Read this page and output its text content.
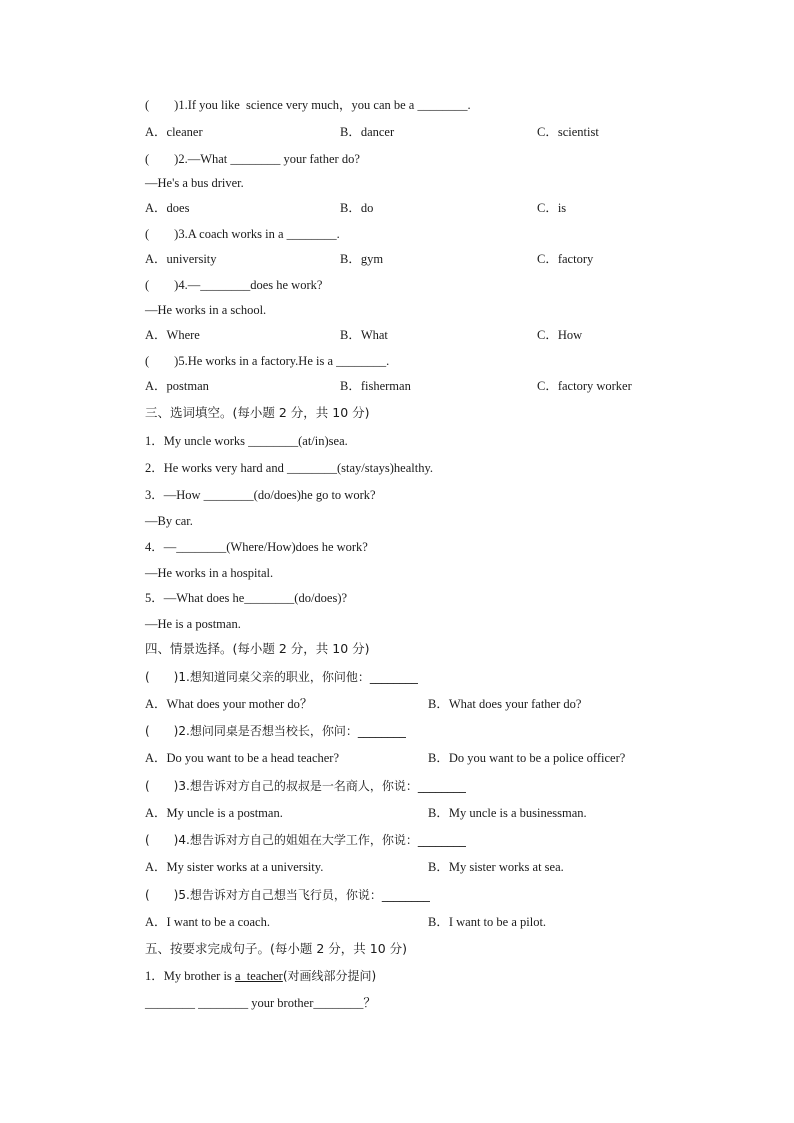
(　　)1.If you like  science very much，you can be a ________.

A．cleaner

	B．dancer

	C．scientist

(　　)2.—What ________ your father do?
—He's a bus driver.

A．does

	B．do

	C．is

(　　)3.A coach works in a ________.

A．university

	B．gym

	C．factory

(　　)4.—________does he work?
—He works in a school.

A．Where

	B．What

	C．How

(　　)5.He works in a factory.He is a ________.

A．postman

	B．fisherman

	C．factory worker

三、选词填空。(每小题 2 分，共 10 分)
1．My uncle works ________(at/in)sea.
2．He works very hard and ________(stay/stays)healthy.
3．—How ________(do/does)he go to work?
—By car.
4．—________(Where/How)does he work?
—He works in a hospital.
5．—What does he________(do/does)?
—He is a postman.
四、情景选择。(每小题 2 分，共 10 分)
(　　)1.想知道同桌父亲的职业，你问他：________

A．What does your mother do？

	B．What does your father do?

(　　)2.想问同桌是否想当校长，你问：________

A．Do you want to be a head teacher?

	B．Do you want to be a police officer?

(　　)3.想告诉对方自己的叔叔是一名商人，你说：________

A．My uncle is a postman.

	B．My uncle is a businessman.

(　　)4.想告诉对方自己的姐姐在大学工作，你说：________

A．My sister works at a university.

	B．My sister works at sea.

(　　)5.想告诉对方自己想当飞行员，你说：________

A．I want to be a coach.

	B．I want to be a pilot.

五、按要求完成句子。(每小题 2 分，共 10 分)
1．My brother is a  teacher(对画线部分提问)
________ ________ your brother________？
